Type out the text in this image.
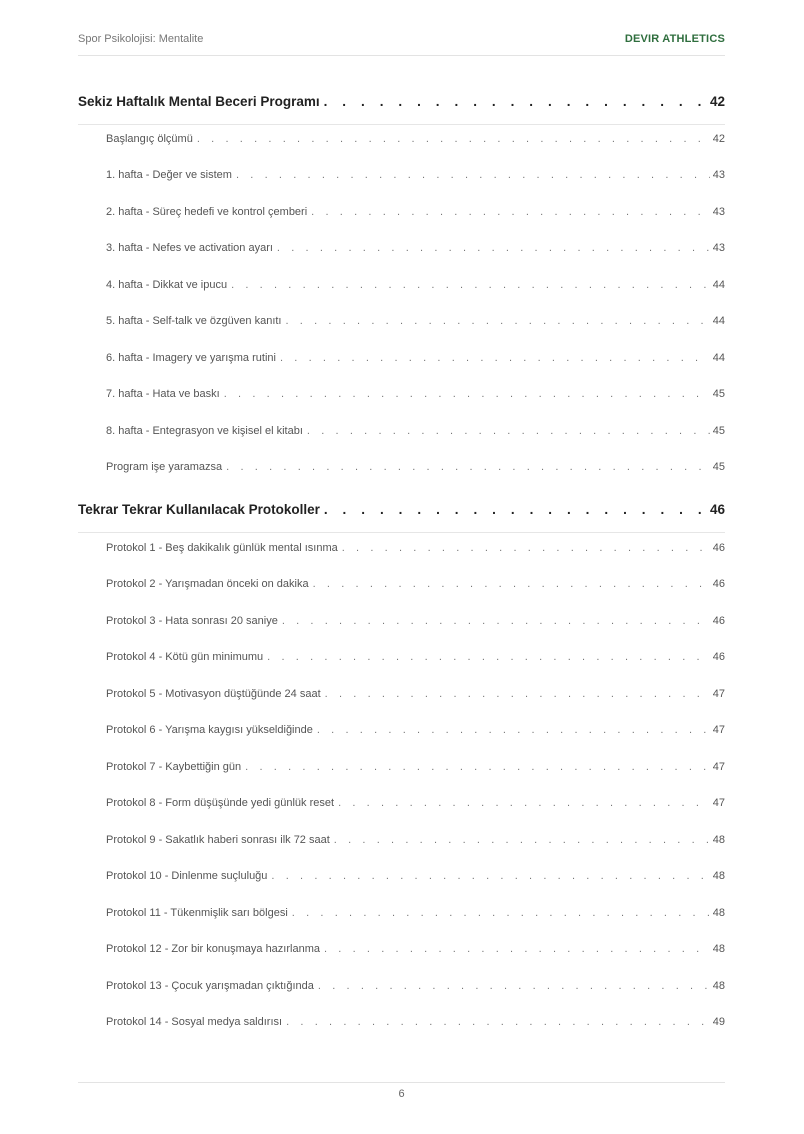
Spor Psikolojisi: Mentalite	DEVIR ATHLETICS
Sekiz Haftalık Mental Beceri Programı . . .	42
Başlangıç ölçümü . . .	42
1. hafta - Değer ve sistem . . .	43
2. hafta - Süreç hedefi ve kontrol çemberi . . .	43
3. hafta - Nefes ve activation ayarı . . .	43
4. hafta - Dikkat ve ipucu . . .	44
5. hafta - Self-talk ve özgüven kanıtı . . .	44
6. hafta - Imagery ve yarışma rutini . . .	44
7. hafta - Hata ve baskı . . .	45
8. hafta - Entegrasyon ve kişisel el kitabı . . .	45
Program işe yaramazsa . . .	45
Tekrar Tekrar Kullanılacak Protokoller . . .	46
Protokol 1 - Beş dakikalık günlük mental ısınma . . .	46
Protokol 2 - Yarışmadan önceki on dakika . . .	46
Protokol 3 - Hata sonrası 20 saniye . . .	46
Protokol 4 - Kötü gün minimumu . . .	46
Protokol 5 - Motivasyon düştüğünde 24 saat . . .	47
Protokol 6 - Yarışma kaygısı yükseldiğinde . . .	47
Protokol 7 - Kaybettiğin gün . . .	47
Protokol 8 - Form düşüşünde yedi günlük reset . . .	47
Protokol 9 - Sakatlık haberi sonrası ilk 72 saat . . .	48
Protokol 10 - Dinlenme suçluluğu . . .	48
Protokol 11 - Tükenmişlik sarı bölgesi . . .	48
Protokol 12 - Zor bir konuşmaya hazırlanma . . .	48
Protokol 13 - Çocuk yarışmadan çıktığında . . .	48
Protokol 14 - Sosyal medya saldırısı . . .	49
6
